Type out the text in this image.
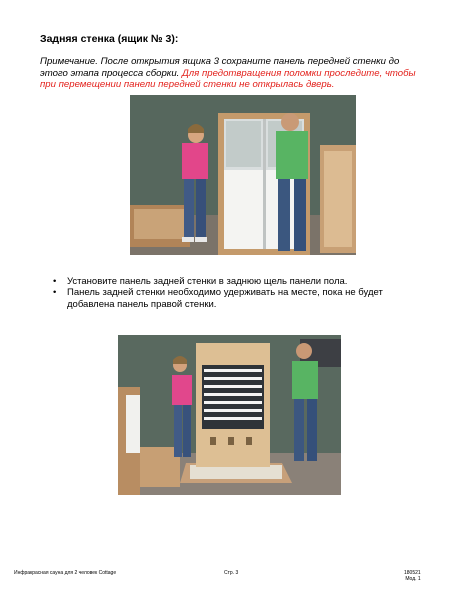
Задняя стенка (ящик № 3):

Примечание. После открытия ящика 3 сохраните панель передней стенки до этого этапа процесса сборки. Для предотвращения поломки проследите, чтобы при перемещении панели передней стенки не открылась дверь.

• Установите панель задней стенки в заднюю щель панели пола.
• Панель задней стенки необходимо удерживать на месте, пока не будет добавлена панель правой стенки.
Инфракрасная сауна для 2 человек Cottage	Стр. 3	180521
Мод. 1
